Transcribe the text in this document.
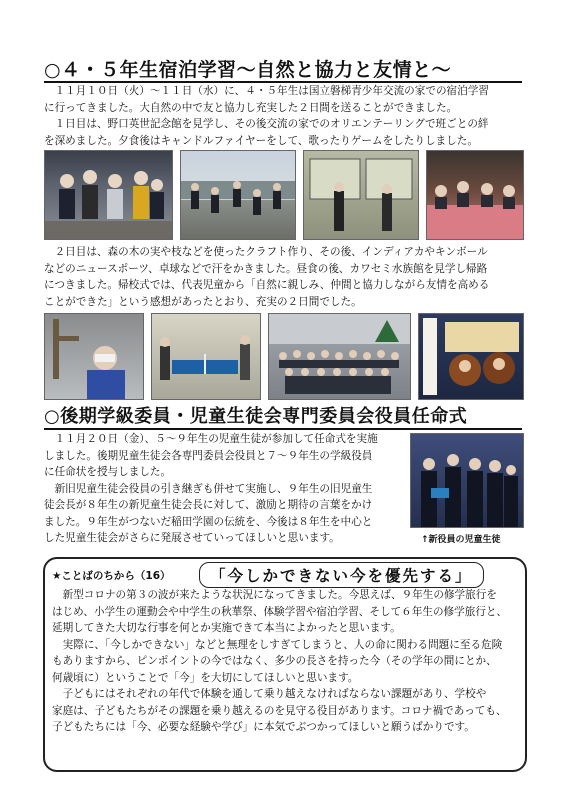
○４・５年生宿泊学習～自然と協力と友情と～
　１１月１０日（火）～１１日（水）に、４・５年生は国立磐梯青少年交流の家での宿泊学習
に行ってきました。大自然の中で友と協力し充実した２日間を送ることができました。
　１日目は、野口英世記念館を見学し、その後交流の家でのオリエンテーリングで班ごとの絆
を深めました。夕食後はキャンドルファイヤーをして、歌ったりゲームをしたりしました。
　２日目は、森の木の実や枝などを使ったクラフト作り、その後、インディアカやキンボール
などのニュースポーツ、卓球などで汗をかきました。昼食の後、カワセミ水族館を見学し帰路
につきました。帰校式では、代表児童から「自然に親しみ、仲間と協力しながら友情を高める
ことができた」という感想があったとおり、充実の２日間でした。
○後期学級委員・児童生徒会専門委員会役員任命式
　１１月２０日（金）、５～９年生の児童生徒が参加して任命式を実施
しました。後期児童生徒会各専門委員会役員と７～９年生の学級役員
に任命状を授与しました。
　新旧児童生徒会役員の引き継ぎも併せて実施し、９年生の旧児童生
徒会長が８年生の新児童生徒会長に対して、激励と期待の言葉をかけ
ました。９年生がつないだ稲田学園の伝統を、今後は８年生を中心と
した児童生徒会がさらに発展させていってほしいと思います。	↑新役員の児童生徒
★ことばのちから（16）	「今しかできない今を優先する」
　新型コロナの第３の波が来たような状況になってきました。今思えば、９年生の修学旅行を
はじめ、小学生の運動会や中学生の秋華祭、体験学習や宿泊学習、そして６年生の修学旅行と、
延期してきた大切な行事を何とか実施できて本当によかったと思います。
　実際に、「今しかできない」などと無理をしすぎてしまうと、人の命に関わる問題に至る危険
もありますから、ピンポイントの今ではなく、多少の長さを持った今（その学年の間にとか、
何歳頃に）ということで「今」を大切にしてほしいと思います。
　子どもにはそれぞれの年代で体験を通して乗り越えなければならない課題があり、学校や
家庭は、子どもたちがその課題を乗り越えるのを見守る役目があります。コロナ禍であっても、
子どもたちには「今、必要な経験や学び」に本気でぶつかってほしいと願うばかりです。
